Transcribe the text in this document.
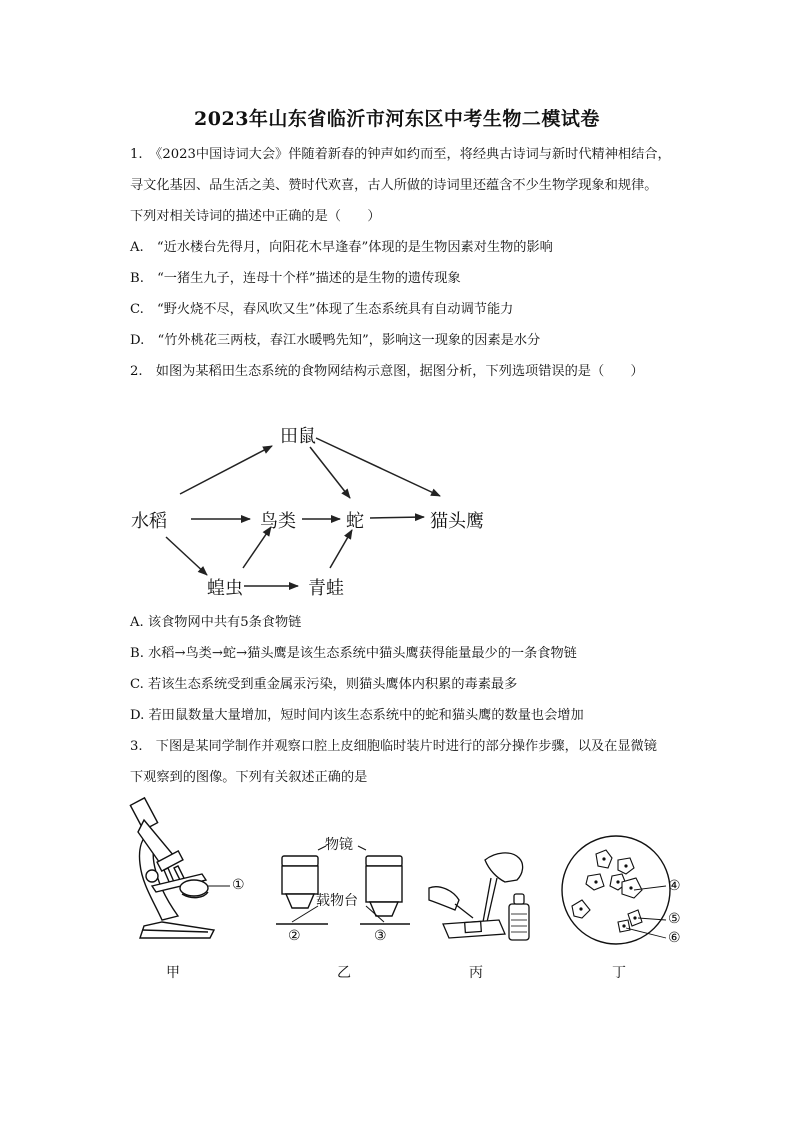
2023年山东省临沂市河东区中考生物二模试卷
1.　《2023中国诗词大会》伴随着新春的钟声如约而至，将经典古诗词与新时代精神相结合，
寻文化基因、品生活之美、赞时代欢喜，古人所做的诗词里还蕴含不少生物学现象和规律。
下列对相关诗词的描述中正确的是（　　）
A.　“近水楼台先得月，向阳花木早逢春”体现的是生物因素对生物的影响
B.　“一猪生九子，连母十个样”描述的是生物的遗传现象
C.　“野火烧不尽，春风吹又生”体现了生态系统具有自动调节能力
D.　“竹外桃花三两枝，春江水暖鸭先知”，影响这一现象的因素是水分
2.　如图为某稻田生态系统的食物网结构示意图，据图分析，下列选项错误的是（　　）
田鼠
水稻	鸟类	蛇	猫头鹰
蝗虫	青蛙
A. 该食物网中共有5条食物链
B. 水稻→鸟类→蛇→猫头鹰是该生态系统中猫头鹰获得能量最少的一条食物链
C. 若该生态系统受到重金属汞污染，则猫头鹰体内积累的毒素最多
D. 若田鼠数量大量增加，短时间内该生态系统中的蛇和猫头鹰的数量也会增加
3.　下图是某同学制作并观察口腔上皮细胞临时装片时进行的部分操作步骤，以及在显微镜
下观察到的图像。下列有关叙述正确的是
①
物镜
载物台
②	③
④
⑤
⑥
甲	乙	丙	丁
